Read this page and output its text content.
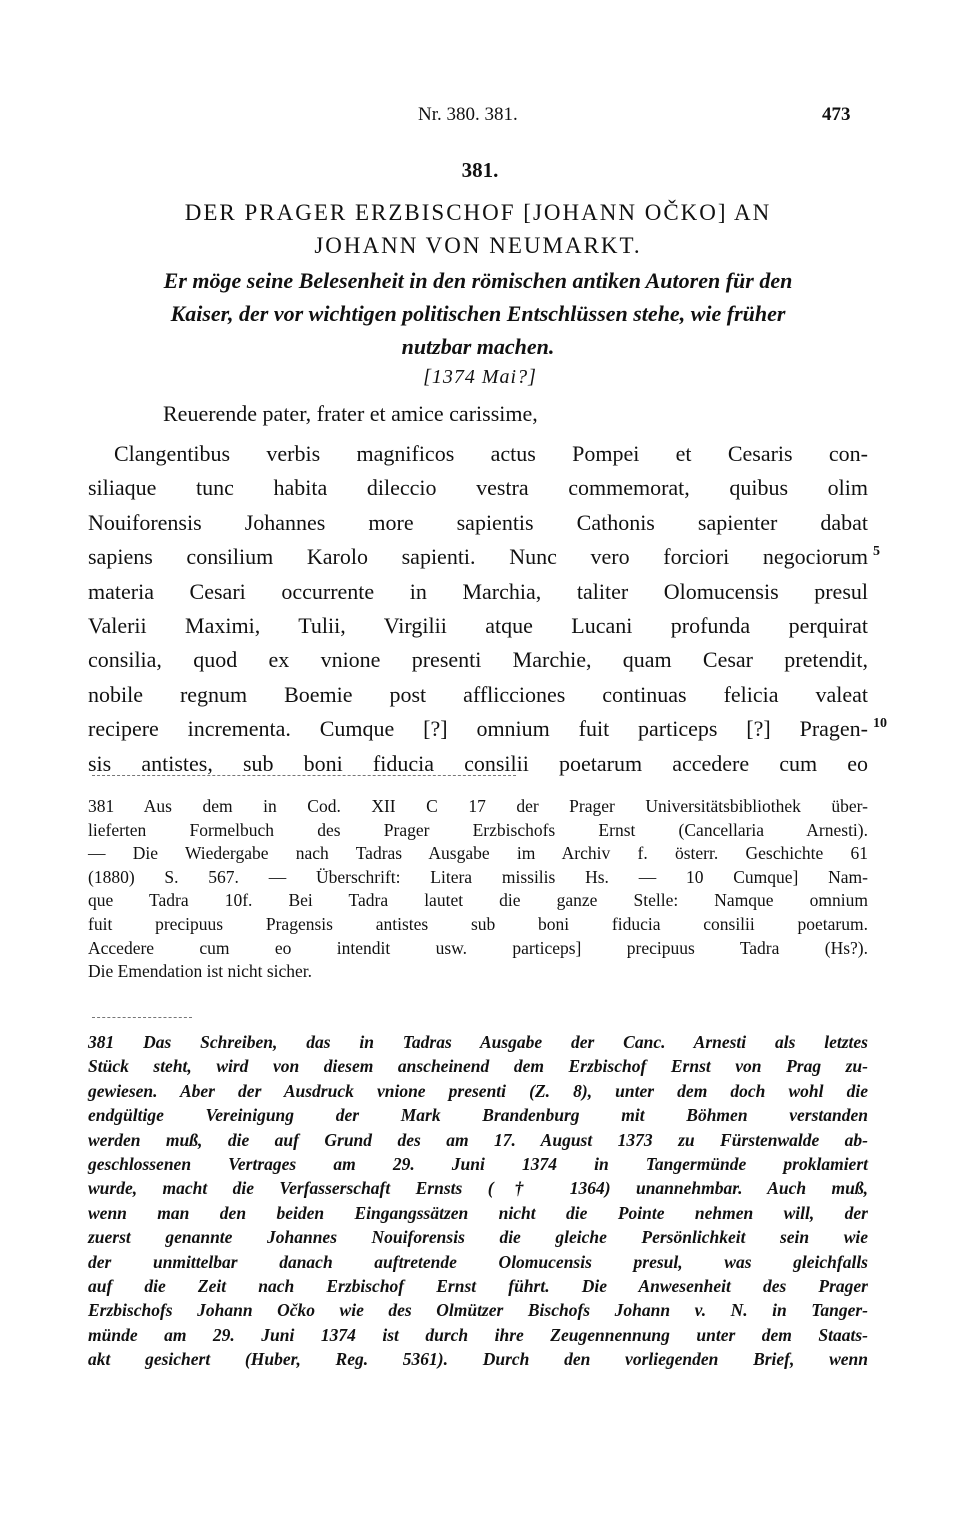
Nr. 380. 381.	473
381.
DER PRAGER ERZBISCHOF [JOHANN OČKO] AN
JOHANN VON NEUMARKT.
Er möge seine Belesenheit in den römischen antiken Autoren für den
Kaiser, der vor wichtigen politischen Entschlüssen stehe, wie früher
nutzbar machen.
[1374 Mai?]
Reuerende pater, frater et amice carissime,
Clangentibus verbis magnificos actus Pompei et Cesaris con-
siliaque tunc habita dileccio vestra commemorat, quibus olim
Nouiforensis Johannes more sapientis Cathonis sapienter dabat
sapiens consilium Karolo sapienti. Nunc vero forciori negociorum
materia Cesari occurrente in Marchia, taliter Olomucensis presul
Valerii Maximi, Tulii, Virgilii atque Lucani profunda perquirat
consilia, quod ex vnione presenti Marchie, quam Cesar pretendit,
nobile regnum Boemie post afflicciones continuas felicia valeat
recipere incrementa. Cumque [?] omnium fuit particeps [?] Pragen-
sis antistes, sub boni fiducia consilii poetarum accedere cum eo
5
10
381 Aus dem in Cod. XII C 17 der Prager Universitätsbibliothek über-
lieferten Formelbuch des Prager Erzbischofs Ernst (Cancellaria Arnesti).
— Die Wiedergabe nach Tadras Ausgabe im Archiv f. österr. Geschichte 61
(1880) S. 567. — Überschrift: Litera missilis Hs. — 10 Cumque] Nam-
que Tadra 10f. Bei Tadra lautet die ganze Stelle: Namque omnium
fuit precipuus Pragensis antistes sub boni fiducia consilii poetarum.
Accedere cum eo intendit usw. particeps] precipuus Tadra (Hs?).
Die Emendation ist nicht sicher.
381 Das Schreiben, das in Tadras Ausgabe der Canc. Arnesti als letztes
Stück steht, wird von diesem anscheinend dem Erzbischof Ernst von Prag zu-
gewiesen. Aber der Ausdruck vnione presenti (Z. 8), unter dem doch wohl die
endgültige Vereinigung der Mark Brandenburg mit Böhmen verstanden
werden muß, die auf Grund des am 17. August 1373 zu Fürstenwalde ab-
geschlossenen Vertrages am 29. Juni 1374 in Tangermünde proklamiert
wurde, macht die Verfasserschaft Ernsts († 1364) unannehmbar. Auch muß,
wenn man den beiden Eingangssätzen nicht die Pointe nehmen will, der
zuerst genannte Johannes Nouiforensis die gleiche Persönlichkeit sein wie
der unmittelbar danach auftretende Olomucensis presul, was gleichfalls
auf die Zeit nach Erzbischof Ernst führt. Die Anwesenheit des Prager
Erzbischofs Johann Očko wie des Olmützer Bischofs Johann v. N. in Tanger-
münde am 29. Juni 1374 ist durch ihre Zeugennennung unter dem Staats-
akt gesichert (Huber, Reg. 5361). Durch den vorliegenden Brief, wenn
